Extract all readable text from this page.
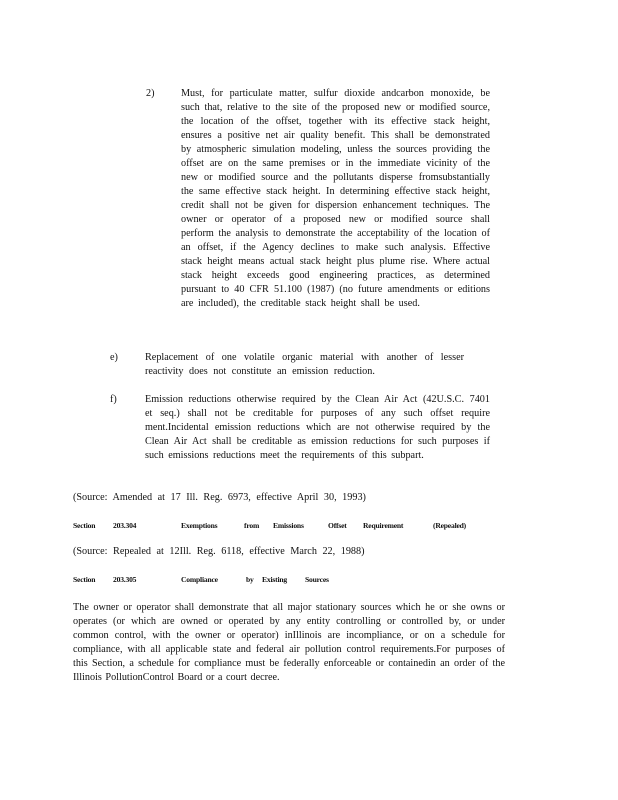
2)	Must, for particulate matter, sulfur dioxide andcarbon monoxide, be such that, relative to the site of the proposed new or modified source, the location of the offset, together with its effective stack height, ensures a positive net air quality benefit. This shall be demonstrated by atmospheric simulation modeling, unless the sources providing the offset are on the same premises or in the immediate vicinity of the new or modified source and the pollutants disperse fromsubstantially the same effective stack height. In determining effective stack height, credit shall not be given for dispersion enhancement techniques. The owner or operator of a proposed new or modified source shall perform the analysis to demonstrate the acceptability of the location of an offset, if the Agency declines to make such analysis. Effective stack height means actual stack height plus plume rise. Where actual stack height exceeds good engineering practices, as determined pursuant to 40 CFR 51.100 (1987) (no future amendments or editions are included), the creditable stack height shall be used.
e)	Replacement of one volatile organic material with another of lesser reactivity does not constitute an emission reduction.
f)	Emission reductions otherwise required by the Clean Air Act (42U.S.C. 7401 et seq.) shall not be creditable for purposes of any such offset require ment.Incidental emission reductions which are not otherwise required by the Clean Air Act shall be creditable as emission reductions for such purposes if such emissions reductions meet the requirements of this subpart.
(Source: Amended at 17 Ill. Reg. 6973, effective April 30, 1993)
Section 203.304	Exemptions	from Emissions	Offset Requirement	(Repealed)
(Source: Repealed at 12Ill. Reg. 6118, effective March 22, 1988)
Section 203.305	Compliance	by Existing Sources
The owner or operator shall demonstrate that all major stationary sources which he or she owns or operates (or which are owned or operated by any entity controlling or controlled by, or under common control, with the owner or operator) inIllinois are incompliance, or on a schedule for compliance, with all applicable state and federal air pollution control requirements.For purposes of this Section, a schedule for compliance must be federally enforceable or containedin an order of the Illinois PollutionControl Board or a court decree.
